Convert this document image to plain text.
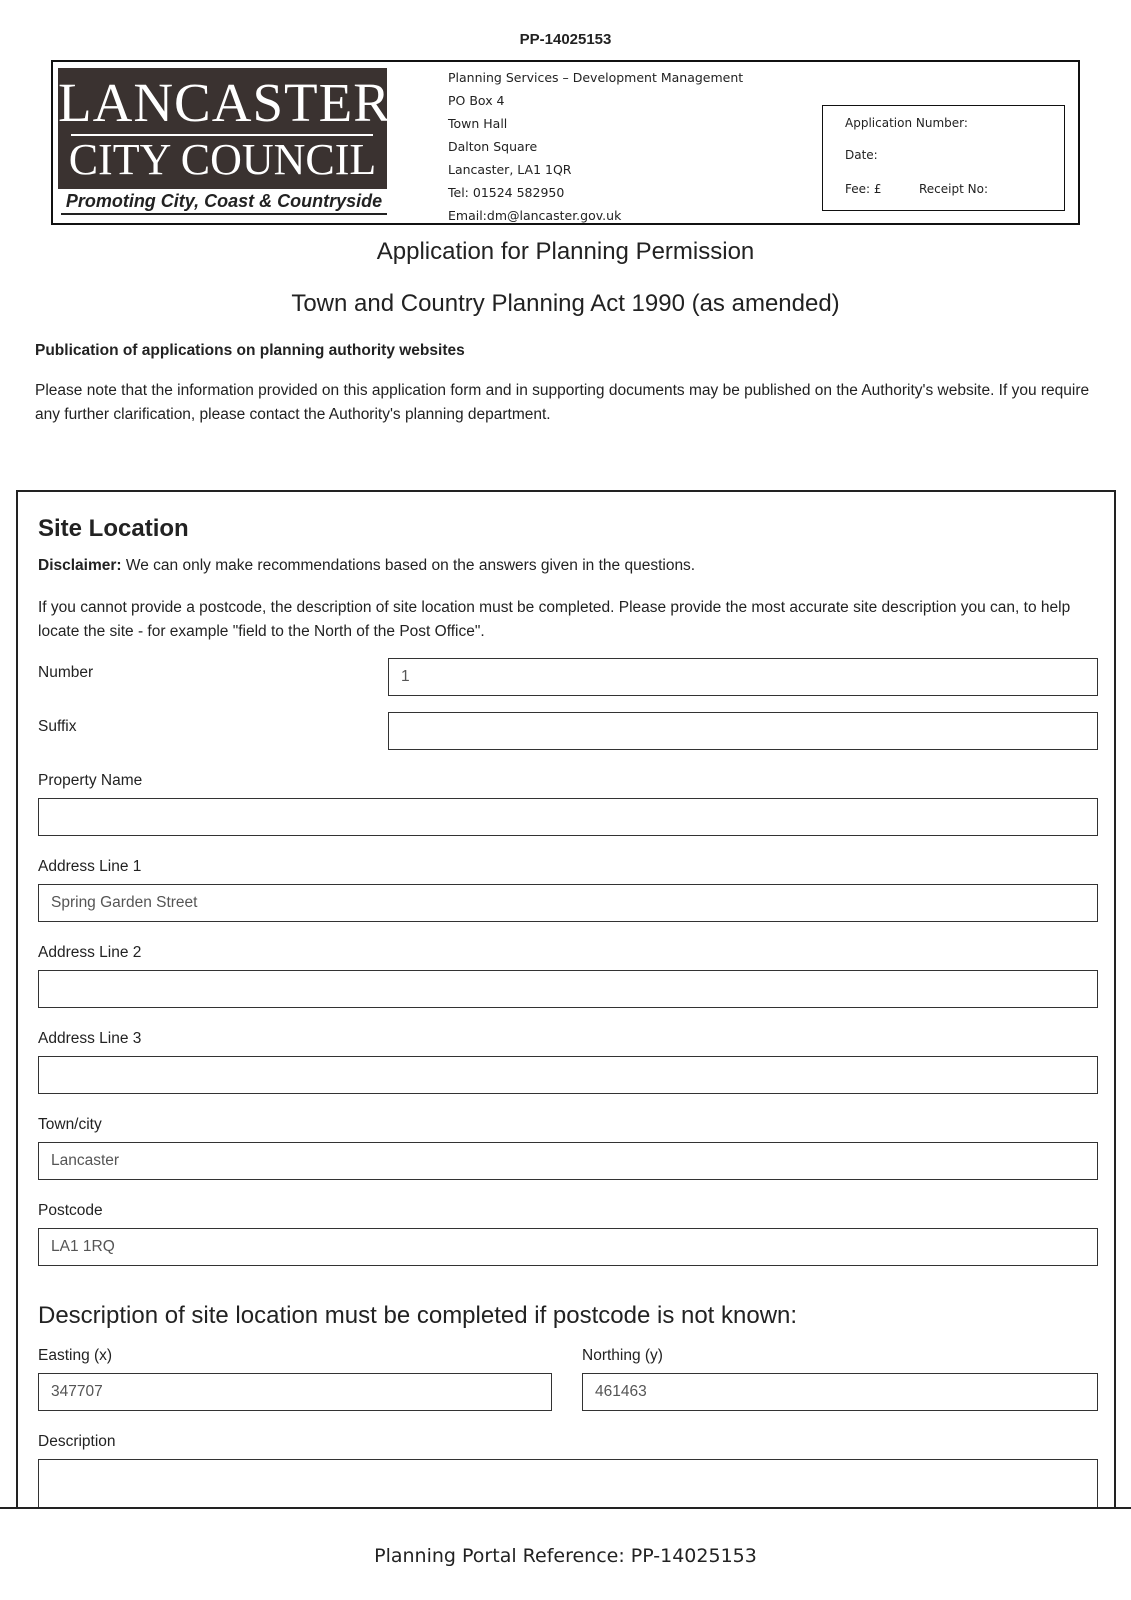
PP-14025153
LANCASTER
CITY COUNCIL
Promoting City, Coast & Countryside
Planning Services – Development Management
PO Box 4
Town Hall
Dalton Square
Lancaster, LA1 1QR
Tel: 01524 582950
Email:dm@lancaster.gov.uk
Application Number:
Date:
Fee: £	Receipt No:
Application for Planning Permission
Town and Country Planning Act 1990 (as amended)
Publication of applications on planning authority websites
Please note that the information provided on this application form and in supporting documents may be published on the Authority's website. If you require any further clarification, please contact the Authority's planning department.
Site Location
Disclaimer: We can only make recommendations based on the answers given in the questions.
If you cannot provide a postcode, the description of site location must be completed. Please provide the most accurate site description you can, to help locate the site - for example "field to the North of the Post Office".
Number	1
Suffix
Property Name
Address Line 1
Spring Garden Street
Address Line 2
Address Line 3
Town/city
Lancaster
Postcode
LA1 1RQ
Description of site location must be completed if postcode is not known:
Easting (x)
347707
Northing (y)
461463
Description
Planning Portal Reference: PP-14025153
